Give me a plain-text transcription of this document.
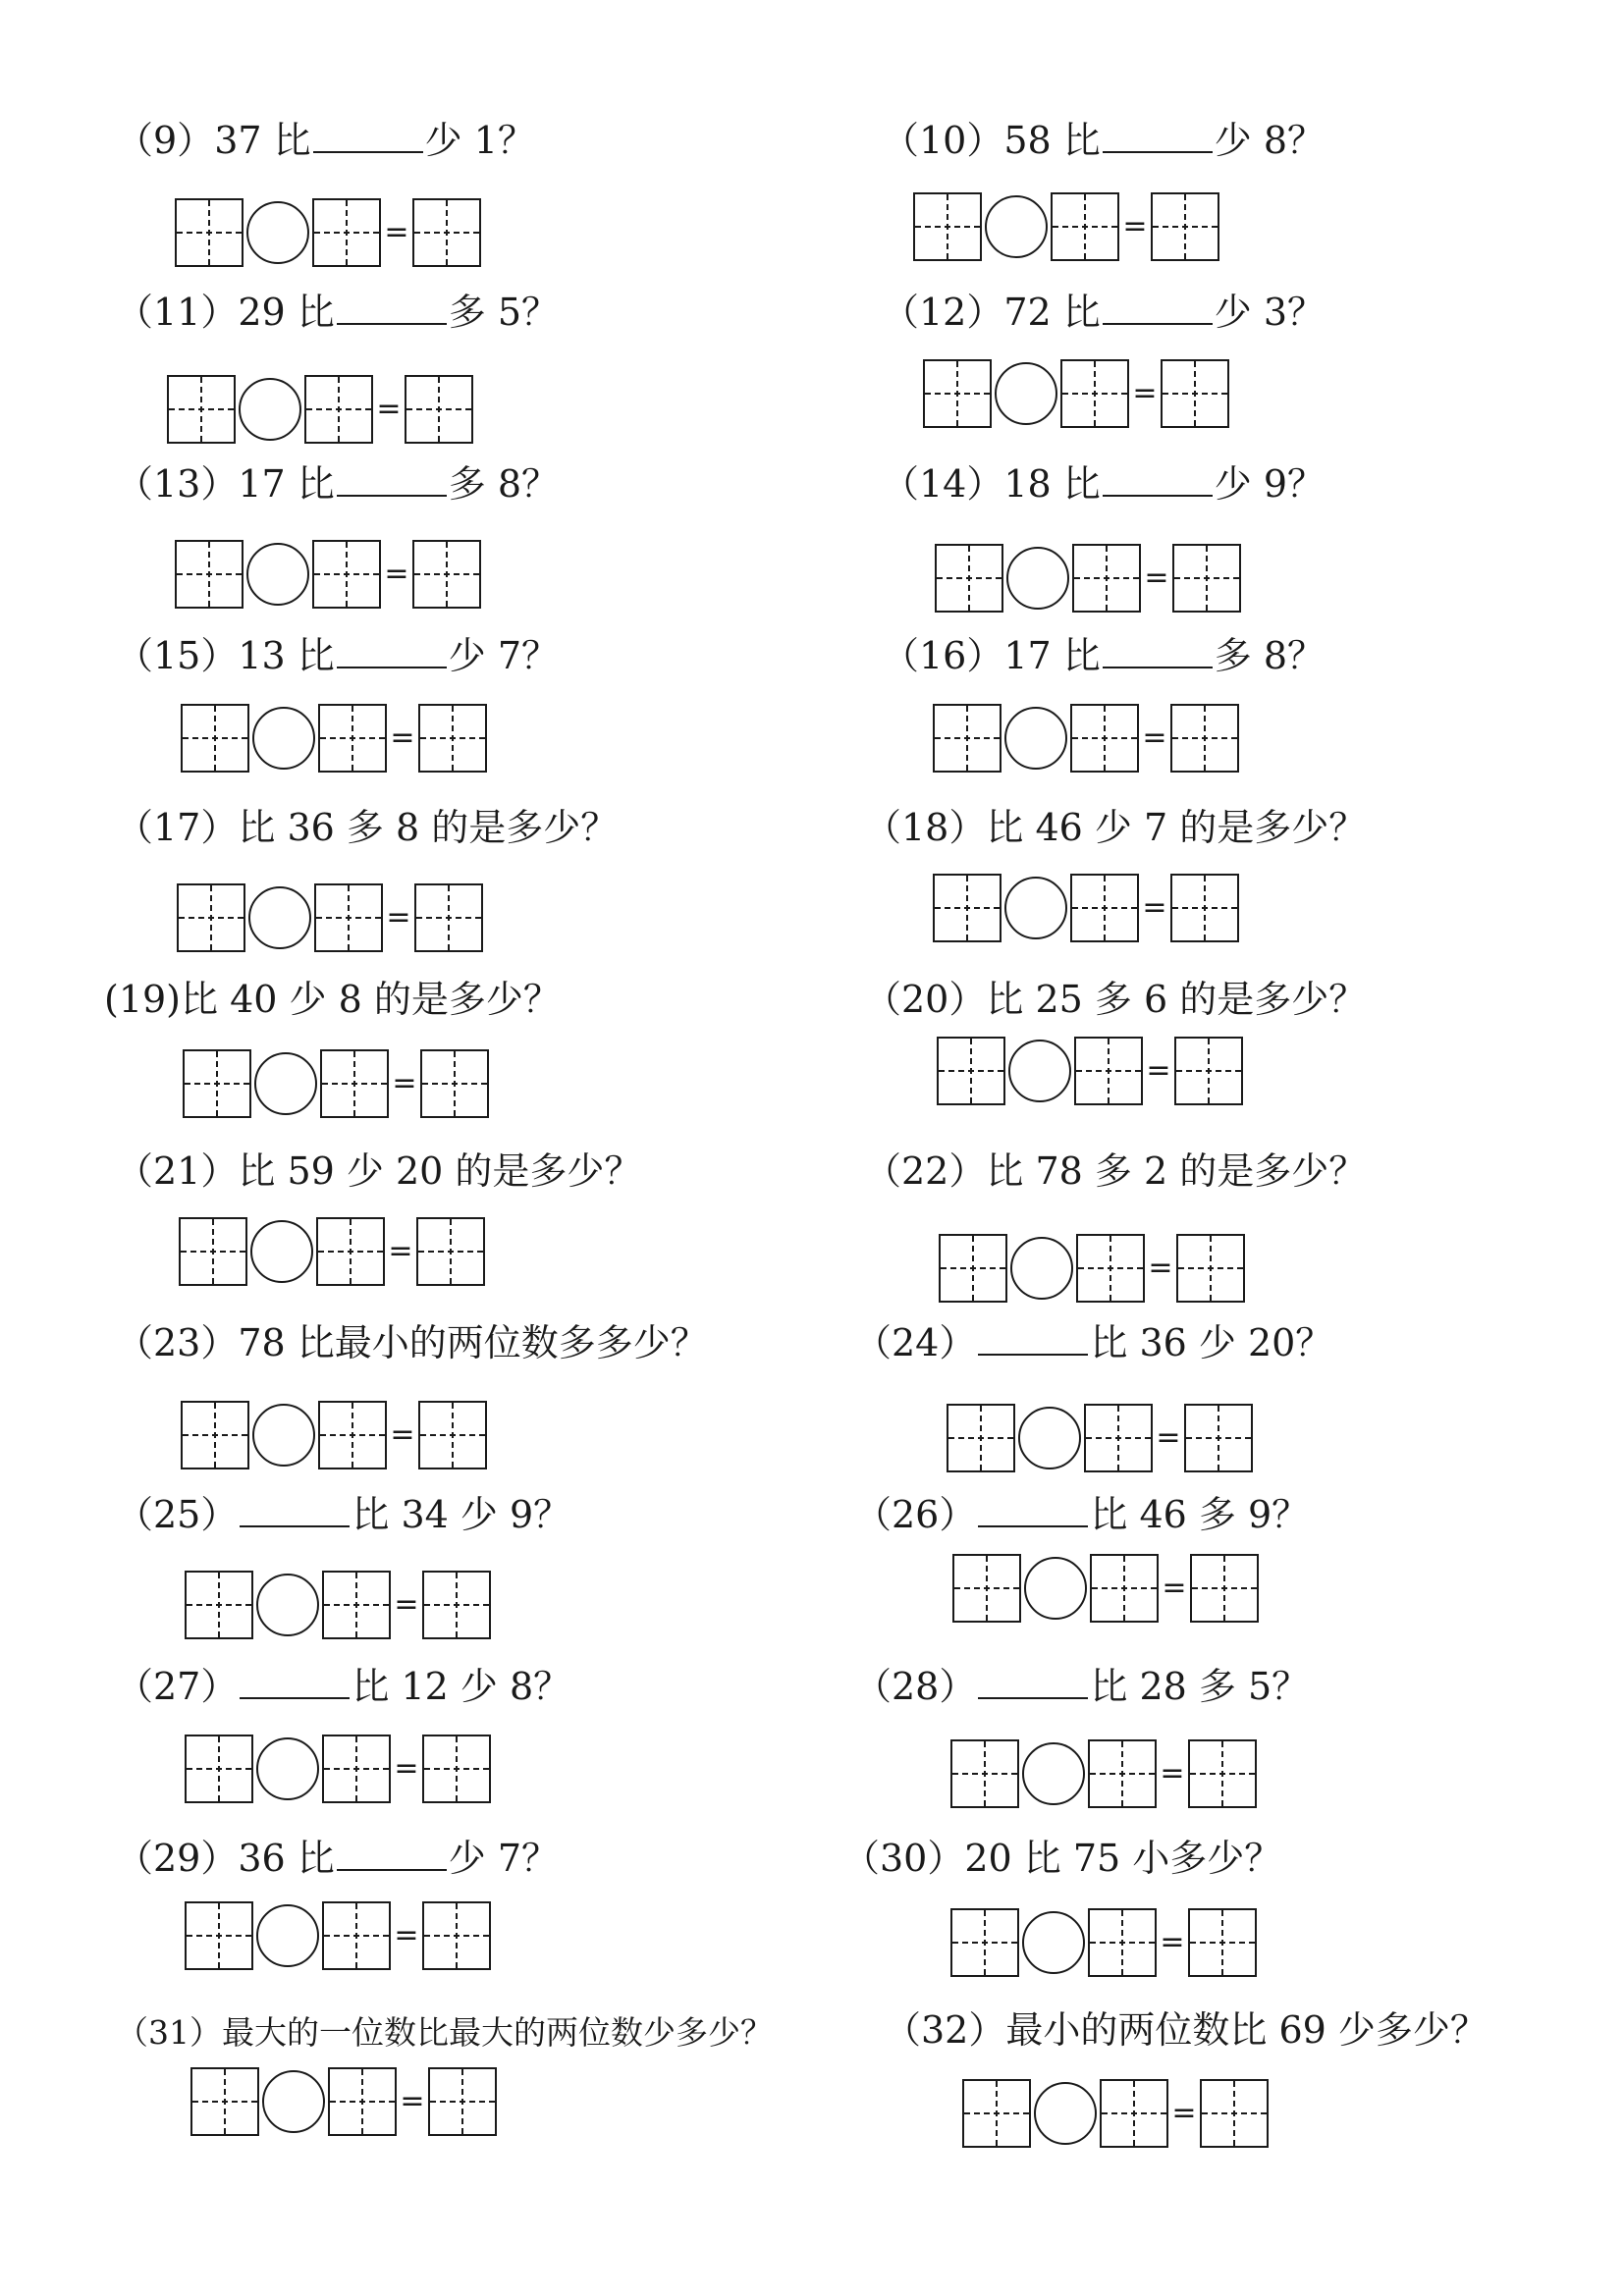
（9）37 比	少 1？
=
（10）58 比	少 8？
=
（11）29 比	多 5？
=
（12）72 比	少 3？
=
（13）17 比	多 8？
=
（14）18 比	少 9？
=
（15）13 比	少 7？
=
（16）17 比	多 8？
=
（17）比 36 多 8 的是多少？
=
（18）比 46 少 7 的是多少？
=
(19)比 40 少 8 的是多少？
=
（20）比 25 多 6 的是多少？
=
（21）比 59 少 20 的是多少？
=
（22）比 78 多 2 的是多少？
=
（23）78 比最小的两位数多多少？
=
（24）	比 36 少 20？
=
（25）	比 34 少 9？
=
（26）	比 46 多 9？
=
（27）	比 12 少 8？
=
（28）	比 28 多 5？
=
（29）36 比	少 7？
=
（30）20 比 75 小多少？
=
（31）最大的一位数比最大的两位数少多少？
=
（32）最小的两位数比 69 少多少？
=
